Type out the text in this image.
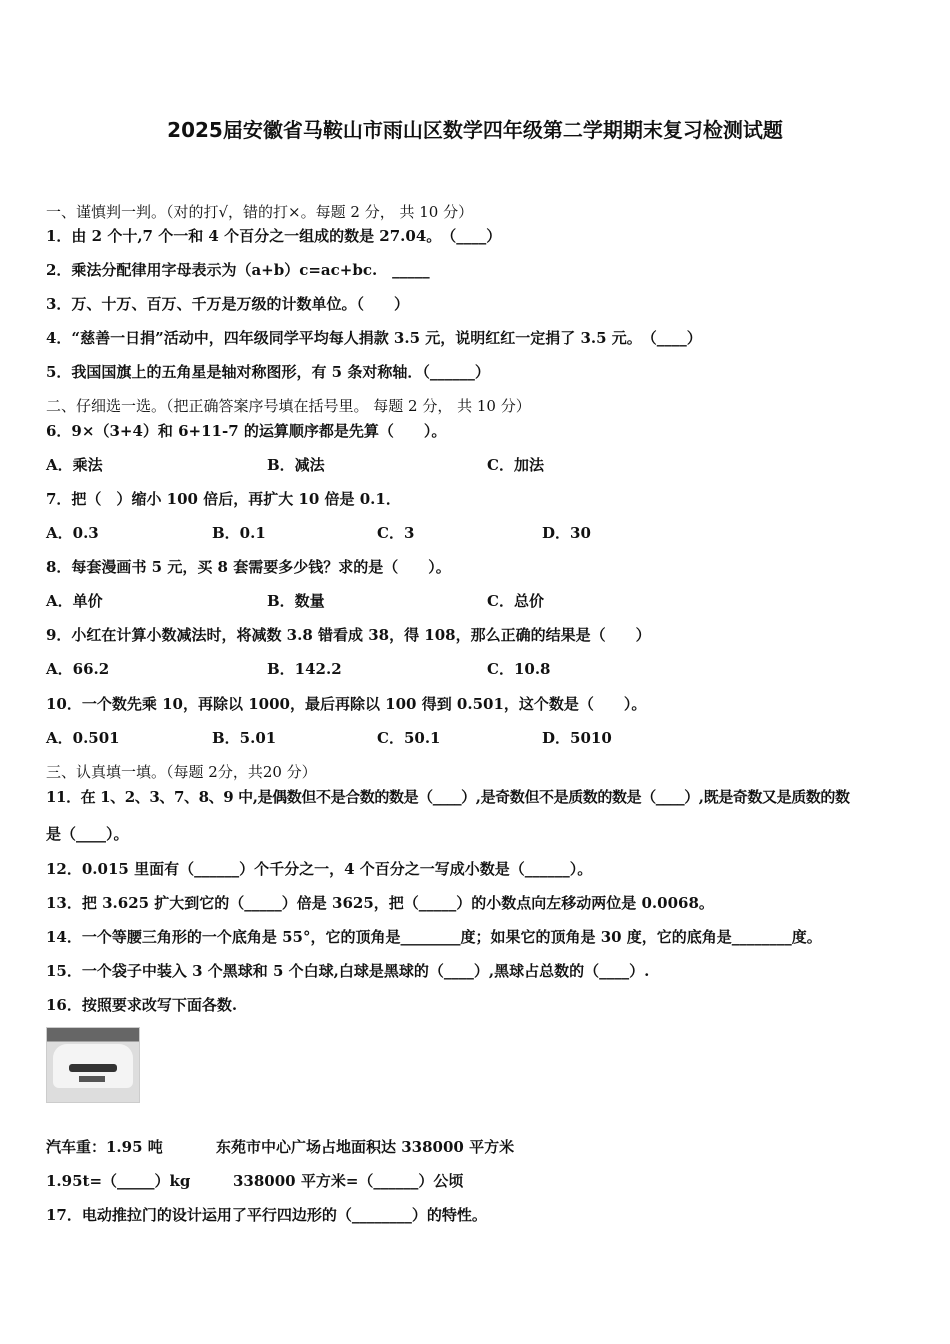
2025届安徽省马鞍山市雨山区数学四年级第二学期期末复习检测试题
一、谨慎判一判。（对的打√，错的打×。每题 2 分， 共 10 分）
1．由 2 个十,7 个一和 4 个百分之一组成的数是 27.04。　（____）
2．乘法分配律用字母表示为（a+b）c=ac+bc.　_____
3．万、十万、百万、千万是万级的计数单位。（　　）
4．“慈善一日捐”活动中，四年级同学平均每人捐款 3.5 元，说明红红一定捐了 3.5 元。　（____）
5．我国国旗上的五角星是轴对称图形，有 5 条对称轴．（______）
二、仔细选一选。（把正确答案序号填在括号里。 每题 2 分， 共 10 分）
6．9×（3+4）和 6+11-7 的运算顺序都是先算（　　）。
A．乘法	B．减法	C．加法
7．把（　）缩小 100 倍后，再扩大 10 倍是 0.1．
A．0.3	B．0.1	C．3	D．30
8．每套漫画书 5 元，买 8 套需要多少钱？求的是（　　）。
A．单价	B．数量	C．总价
9．小红在计算小数减法时，将减数 3.8 错看成 38，得 108，那么正确的结果是（　　）
A．66.2	B．142.2	C．10.8
10．一个数先乘 10，再除以 1000，最后再除以 100 得到 0.501，这个数是（　　）。
A．0.501	B．5.01	C．50.1	D．5010
三、认真填一填。（每题 2分，共20 分）
11．在 1、2、3、7、8、9 中,是偶数但不是合数的数是（____）,是奇数但不是质数的数是（____）,既是奇数又是质数的数
是（____）。
12．0.015 里面有（______）个千分之一，4 个百分之一写成小数是（______）。
13．把 3.625 扩大到它的（_____）倍是 3625，把（_____）的小数点向左移动两位是 0.0068。
14．一个等腰三角形的一个底角是 55°，它的顶角是________度；如果它的顶角是 30 度，它的底角是________度。
15．一个袋子中装入 3 个黑球和 5 个白球,白球是黑球的（____）,黑球占总数的（____）.
16．按照要求改写下面各数.
汽车重：1.95 吨	东苑市中心广场占地面积达 338000 平方米
1.95t=（_____）kg	338000 平方米=（______）公顷
17．电动推拉门的设计运用了平行四边形的（________）的特性。
